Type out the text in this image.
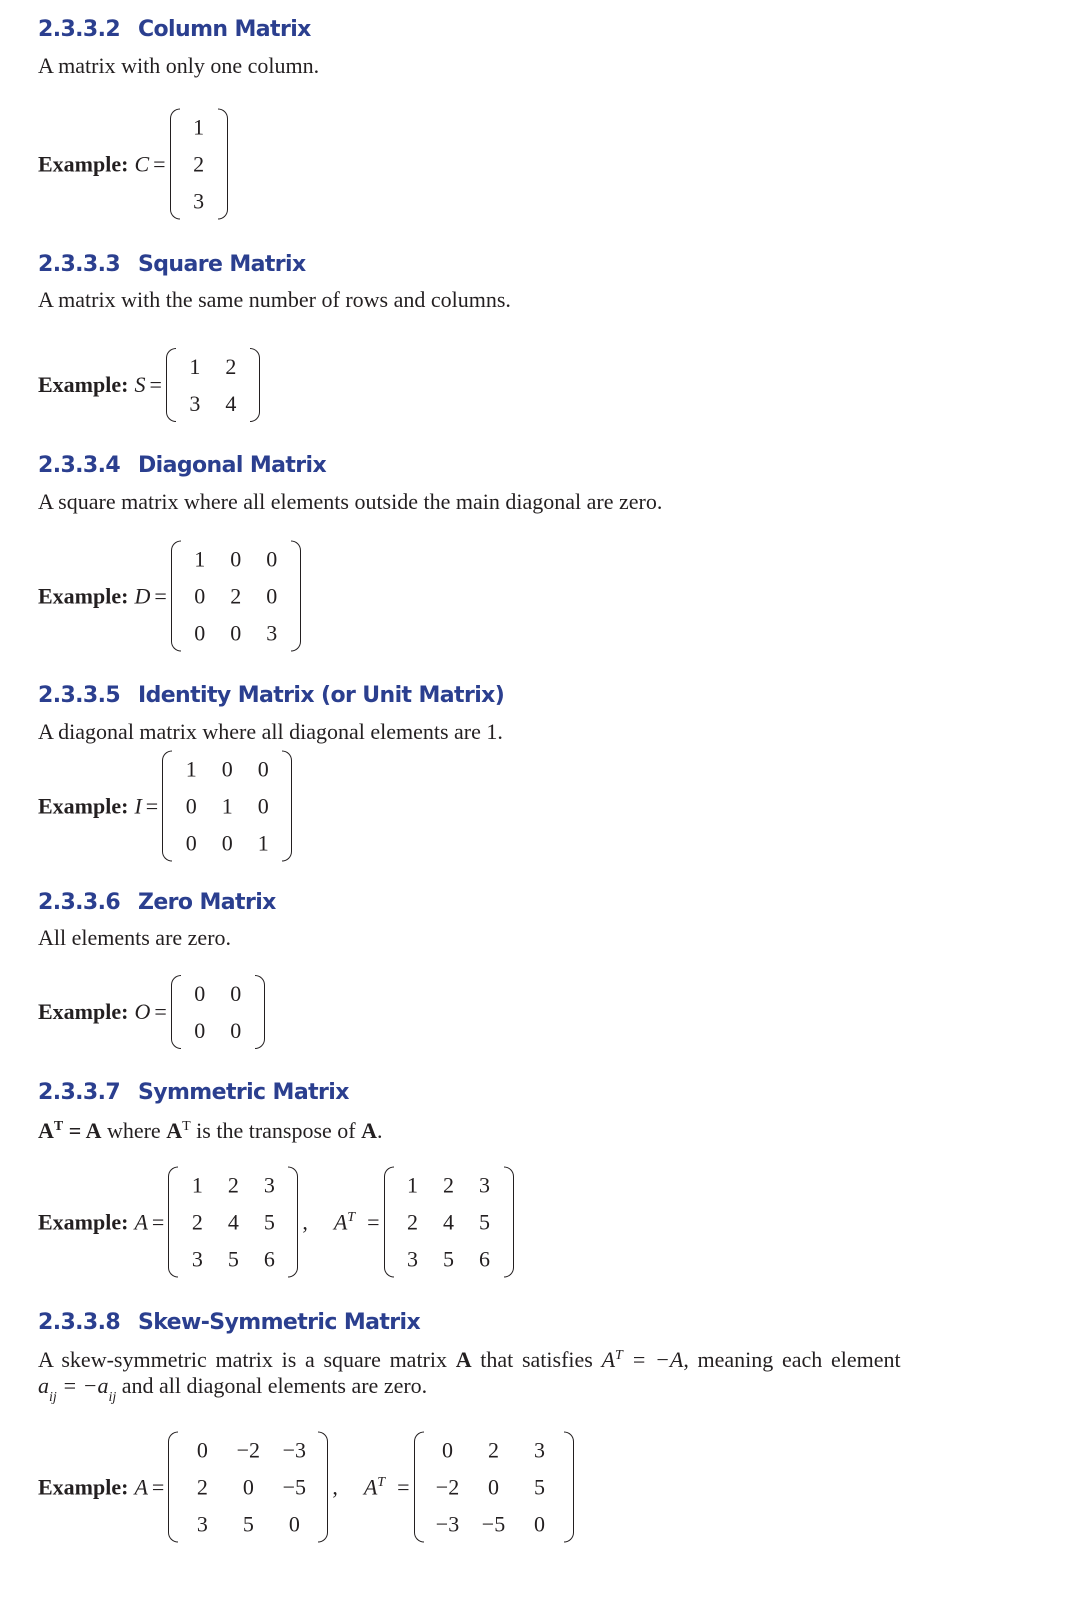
2.3.3.2 Column Matrix
A matrix with only one column.
Example: C =
1
2
3
2.3.3.3 Square Matrix
A matrix with the same number of rows and columns.
Example: S =
1	2
3	4
2.3.3.4 Diagonal Matrix
A square matrix where all elements outside the main diagonal are zero.
Example: D =
1	0	0
0	2	0
0	0	3
2.3.3.5 Identity Matrix (or Unit Matrix)
A diagonal matrix where all diagonal elements are 1.
Example: I =
1	0	0
0	1	0
0	0	1
2.3.3.6 Zero Matrix
All elements are zero.
Example: O =
0	0
0	0
2.3.3.7 Symmetric Matrix
$A^T = A$ where $A^T$ is the transpose of A.
Example: A =
1	2	3
2	4	5
3	5	6
, $A^T$ =
1	2	3
2	4	5
3	5	6
2.3.3.8 Skew-Symmetric Matrix
A skew-symmetric matrix is a square matrix A that satisfies $A^T = -A$, meaning each element
$a_{ij} = -a_{ij}$ and all diagonal elements are zero.
Example: A =
0	−2	−3
2	0	−5
3	5	0
, $A^T$ =
0	2	3
−2	0	5
−3	−5	0
